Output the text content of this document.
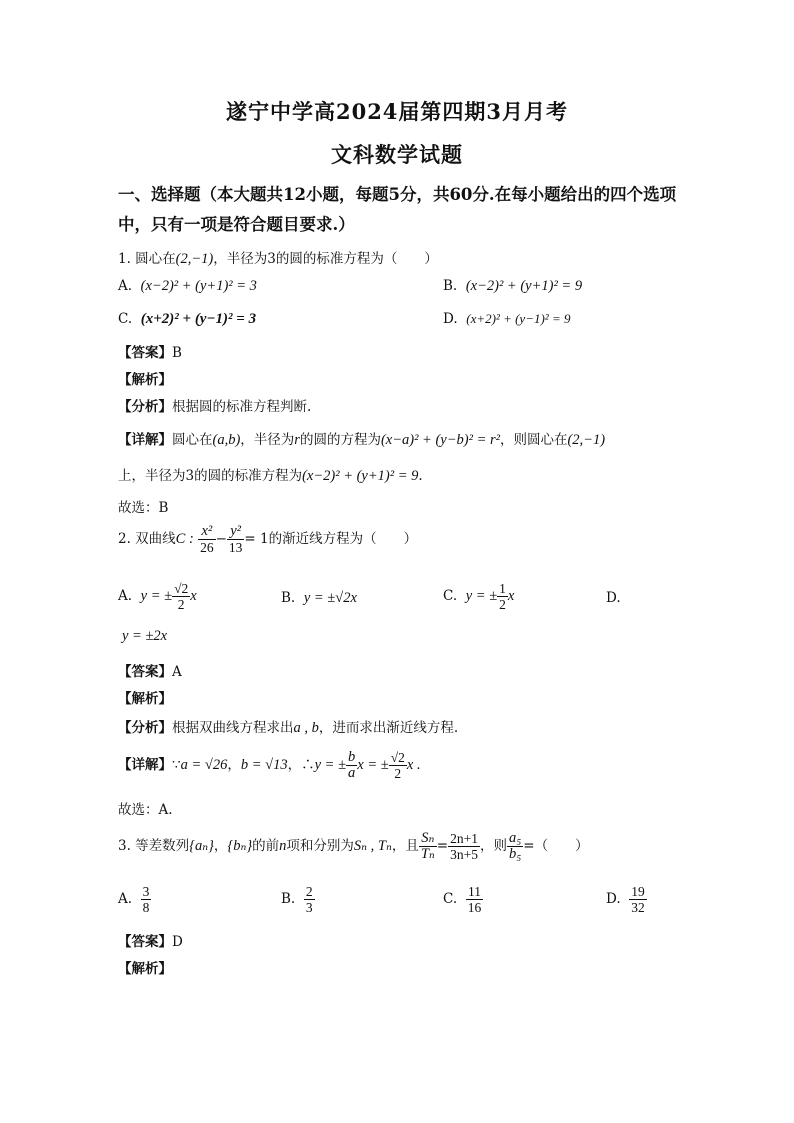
遂宁中学高2024届第四期3月月考
文科数学试题
一、选择题（本大题共12小题，每题5分，共60分.在每小题给出的四个选项
中，只有一项是符合题目要求.）
1. 圆心在(2,−1)，半径为3的圆的标准方程为（　　）
A. (x−2)² + (y+1)² = 3	B. (x−2)² + (y+1)² = 9
C. (x+2)² + (y−1)² = 3	D. (x+2)² + (y−1)² = 9
【答案】B
【解析】
【分析】根据圆的标准方程判断.
【详解】圆心在(a,b)，半径为r的圆的方程为(x−a)² + (y−b)² = r²，则圆心在(2,−1)
上，半径为3的圆的标准方程为(x−2)² + (y+1)² = 9.
故选：B
2. 双曲线C : $\frac{\text{x²}}{26} - \frac{\text{y²}}{13} = 1$的渐近线方程为（　　）
A. y = ± $\frac{√2}{2}$ x	B. y = ±√2x	C. y = ± $\frac{1}{2}$ x	D.
y = ±2x
【答案】A
【解析】
【分析】根据双曲线方程求出a , b，进而求出渐近线方程.
【详解】∵a = √26，b = √13，∴y = ± $\frac{b}{a}$ x = ± $\frac{√2}{2}$ x .
故选：A.
3. 等差数列{aₙ}，{bₙ}的前n项和分别为Sₙ , Tₙ，且 $\frac{\text{Sₙ}}{\text{Tₙ}} = \frac{2n+1}{3n+5}$ ，则 $\frac{\text{a₅}}{\text{b₅}}$ =（　　）
A. $\frac{3}{8}$	B. $\frac{2}{3}$	C. $\frac{11}{16}$	D. $\frac{19}{32}$
【答案】D
【解析】
